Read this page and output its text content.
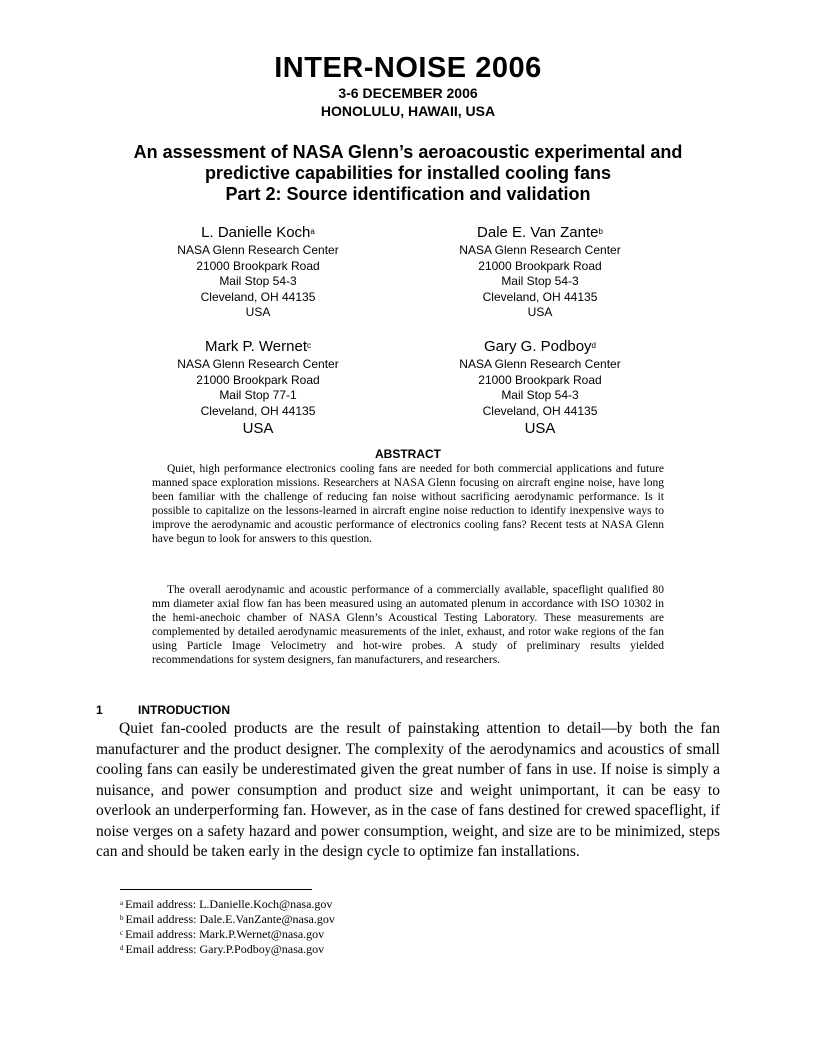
INTER-NOISE 2006
3-6 DECEMBER 2006
HONOLULU, HAWAII, USA
An assessment of NASA Glenn’s aeroacoustic experimental and
predictive capabilities for installed cooling fans
Part 2: Source identification and validation
L. Danielle Koch$^a$
NASA Glenn Research Center
21000 Brookpark Road
Mail Stop 54-3
Cleveland, OH 44135
USA
Dale E. Van Zante$^b$
NASA Glenn Research Center
21000 Brookpark Road
Mail Stop 54-3
Cleveland, OH 44135
USA
Mark P. Wernet$^c$
NASA Glenn Research Center
21000 Brookpark Road
Mail Stop 77-1
Cleveland, OH 44135
USA
Gary G. Podboy$^d$
NASA Glenn Research Center
21000 Brookpark Road
Mail Stop 54-3
Cleveland, OH 44135
USA
ABSTRACT

Quiet, high performance electronics cooling fans are needed for both commercial applications and future manned space exploration missions. Researchers at NASA Glenn focusing on aircraft engine noise, have long been familiar with the challenge of reducing fan noise without sacrificing aerodynamic performance. Is it possible to capitalize on the lessons-learned in aircraft engine noise reduction to identify inexpensive ways to improve the aerodynamic and acoustic performance of electronics cooling fans? Recent tests at NASA Glenn have begun to look for answers to this question.

The overall aerodynamic and acoustic performance of a commercially available, spaceflight qualified 80 mm diameter axial flow fan has been measured using an automated plenum in accordance with ISO 10302 in the hemi-anechoic chamber of NASA Glenn’s Acoustical Testing Laboratory. These measurements are complemented by detailed aerodynamic measurements of the inlet, exhaust, and rotor wake regions of the fan using Particle Image Velocimetry and hot-wire probes. A study of preliminary results yielded recommendations for system designers, fan manufacturers, and researchers.

1	INTRODUCTION

Quiet fan-cooled products are the result of painstaking attention to detail—by both the fan manufacturer and the product designer. The complexity of the aerodynamics and acoustics of small cooling fans can easily be underestimated given the great number of fans in use. If noise is simply a nuisance, and power consumption and product size and weight unimportant, it can be easy to overlook an underperforming fan. However, as in the case of fans destined for crewed spaceflight, if noise verges on a safety hazard and power consumption, weight, and size are to be minimized, steps can and should be taken early in the design cycle to optimize fan installations.

$^a$ Email address: L.Danielle.Koch@nasa.gov
$^b$ Email address: Dale.E.VanZante@nasa.gov
$^c$ Email address: Mark.P.Wernet@nasa.gov
$^d$ Email address: Gary.P.Podboy@nasa.gov
